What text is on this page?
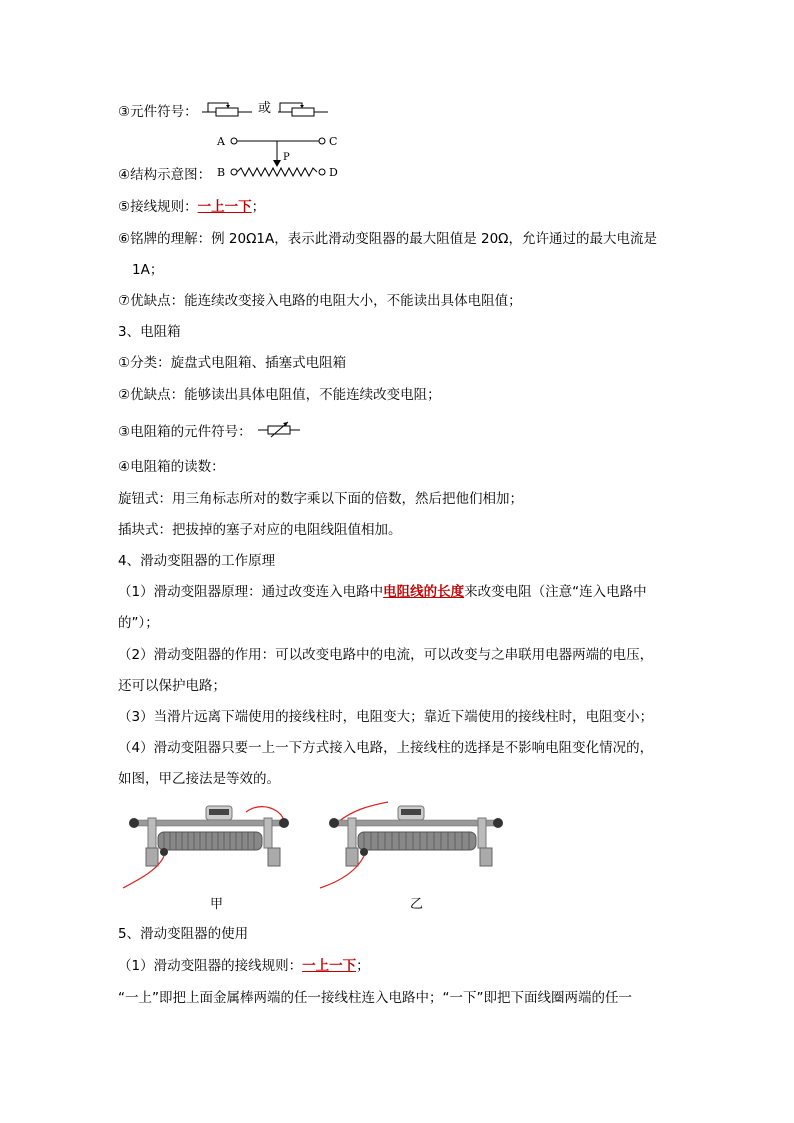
③元件符号：	或
A	C
P
B	D
④结构示意图：
⑤接线规则：一上一下；
⑥铭牌的理解：例 20Ω1A，表示此滑动变阻器的最大阻值是 20Ω，允许通过的最大电流是
1A；
⑦优缺点：能连续改变接入电路的电阻大小，不能读出具体电阻值；
3、电阻箱
①分类：旋盘式电阻箱、插塞式电阻箱
②优缺点：能够读出具体电阻值，不能连续改变电阻；
③电阻箱的元件符号：
④电阻箱的读数：
旋钮式：用三角标志所对的数字乘以下面的倍数，然后把他们相加；
插块式：把拔掉的塞子对应的电阻线阻值相加。
4、滑动变阻器的工作原理
（1）滑动变阻器原理：通过改变连入电路中电阻线的长度来改变电阻（注意“连入电路中
的”）；
（2）滑动变阻器的作用：可以改变电路中的电流，可以改变与之串联用电器两端的电压，
还可以保护电路；
（3）当滑片远离下端使用的接线柱时，电阻变大；靠近下端使用的接线柱时，电阻变小；
（4）滑动变阻器只要一上一下方式接入电路，上接线柱的选择是不影响电阻变化情况的，
如图，甲乙接法是等效的。
甲	乙
5、滑动变阻器的使用
（1）滑动变阻器的接线规则：一上一下；
“一上”即把上面金属棒两端的任一接线柱连入电路中；“一下”即把下面线圈两端的任一
